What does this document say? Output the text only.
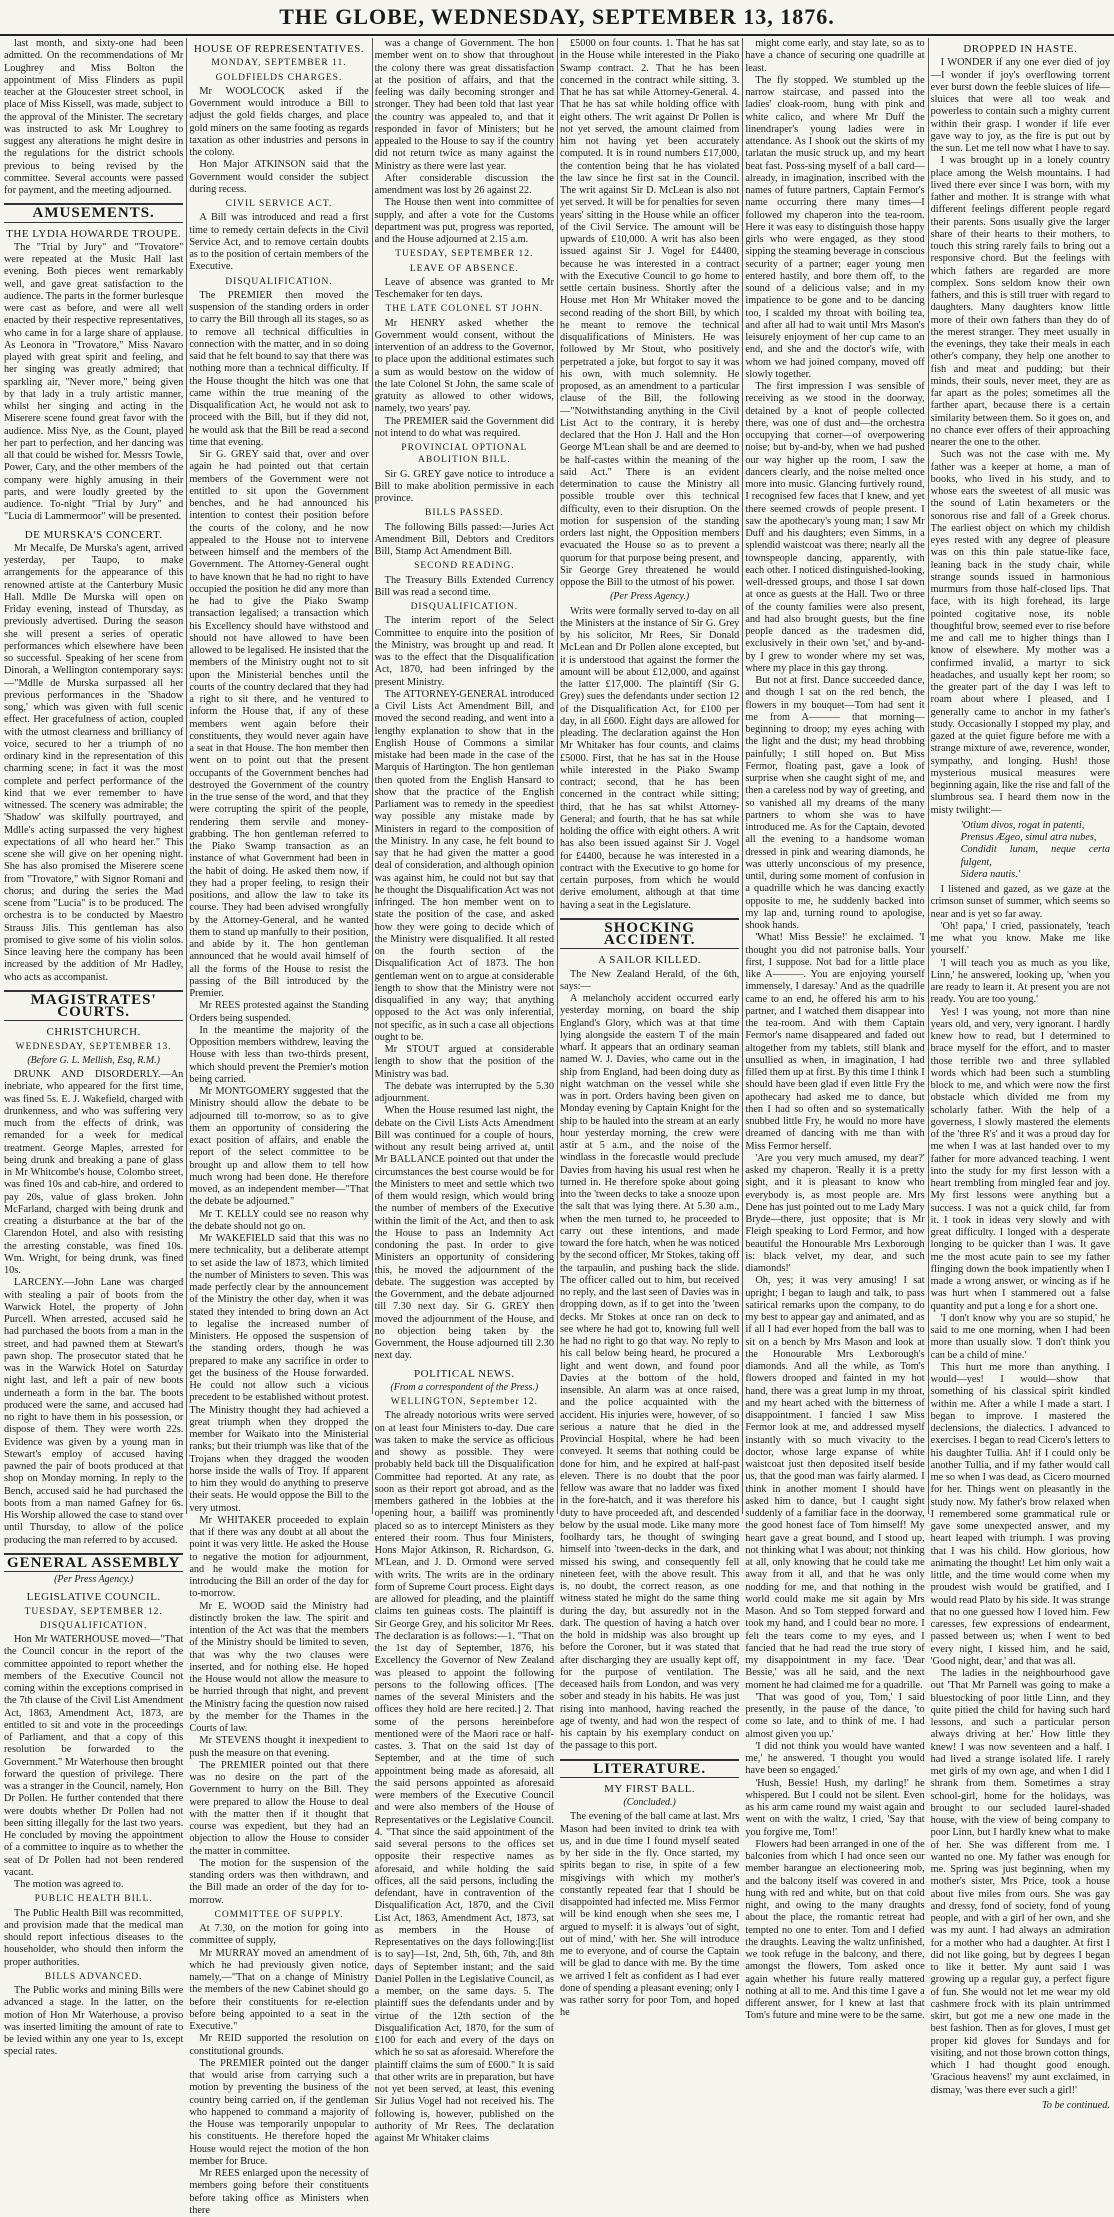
THE GLOBE, WEDNESDAY, SEPTEMBER 13, 1876.

last month, and sixty-one had been admitted. On the recommendations of Mr Loughrey and Miss Bolton the appointment of Miss Flinders as pupil teacher at the Gloucester street school, in place of Miss Kissell, was made, subject to the approval of the Minister. The secretary was instructed to ask Mr Loughrey to suggest any alterations he might desire in the regulations for the district schools previous to being revised by the committee. Several accounts were passed for payment, and the meeting adjourned.

AMUSEMENTS.
THE LYDIA HOWARDE TROUPE.

The "Trial by Jury" and "Trovatore" were repeated at the Music Hall last evening. Both pieces went remarkably well, and gave great satisfaction to the audience. The parts in the former burlesque were cast as before, and were all well enacted by their respective representatives, who came in for a large share of applause. As Leonora in "Trovatore," Miss Navaro played with great spirit and feeling, and her singing was greatly admired; that sparkling air, "Never more," being given by that lady in a truly artistic manner, whilst her singing and acting in the Miserere scene found great favor with the audience. Miss Nye, as the Count, played her part to perfection, and her dancing was all that could be wished for. Messrs Towle, Power, Cary, and the other members of the company were highly amusing in their parts, and were loudly greeted by the audience. To-night "Trial by Jury" and "Lucia di Lammermoor" will be presented.

DE MURSKA'S CONCERT.

Mr Mecalfe, De Murska's agent, arrived yesterday, per Taupo, to make arrangements for the appearance of this renowned artiste at the Canterbury Music Hall. Mdlle De Murska will open on Friday evening, instead of Thursday, as previously advertised. During the season she will present a series of operatic performances which elsewhere have been so successful. Speaking of her scene from Dinorah, a Wellington contemporary says:—"Mdlle de Murska surpassed all her previous performances in the 'Shadow song,' which was given with full scenic effect. Her gracefulness of action, coupled with the utmost clearness and brilliancy of voice, secured to her a triumph of no ordinary kind in the representation of this charming scene; in fact it was the most complete and perfect performance of the kind that we ever remember to have witnessed. The scenery was admirable; the 'Shadow' was skilfully pourtrayed, and Mdlle's acting surpassed the very highest expectations of all who heard her." This scene she will give on her opening night. She has also promised the Miserere scene from "Trovatore," with Signor Romani and chorus; and during the series the Mad scene from "Lucia" is to be produced. The orchestra is to be conducted by Maestro Strauss Jilis. This gentleman has also promised to give some of his violin solos. Since leaving here the company has been increased by the addition of Mr Hadley, who acts as accompanist.

MAGISTRATES' COURTS.
CHRISTCHURCH.
WEDNESDAY, SEPTEMBER 13.
(Before G. L. Mellish, Esq, R.M.)

DRUNK AND DISORDERLY.—An inebriate, who appeared for the first time, was fined 5s. E. J. Wakefield, charged with drunkenness, and who was suffering very much from the effects of drink, was remanded for a week for medical treatment. George Maples, arrested for being drunk and breaking a pane of glass in Mr Whitcombe's house, Colombo street, was fined 10s and cab-hire, and ordered to pay 20s, value of glass broken. John McFarland, charged with being drunk and creating a disturbance at the bar of the Clarendon Hotel, and also with resisting the arresting constable, was fined 10s. Wm. Wright, for being drunk, was fined 10s.

LARCENY.—John Lane was charged with stealing a pair of boots from the Warwick Hotel, the property of John Purcell. When arrested, accused said he had purchased the boots from a man in the street, and had pawned them at Stewart's pawn shop. The prosecutor stated that he was in the Warwick Hotel on Saturday night last, and left a pair of new boots underneath a form in the bar. The boots produced were the same, and accused had no right to have them in his possession, or dispose of them. They were worth 22s. Evidence was given by a young man in Stewart's employ of accused having pawned the pair of boots produced at that shop on Monday morning. In reply to the Bench, accused said he had purchased the boots from a man named Gafney for 6s. His Worship allowed the case to stand over until Thursday, to allow of the police producing the man referred to by accused.

GENERAL ASSEMBLY
(Per Press Agency.)
LEGISLATIVE COUNCIL.
TUESDAY, SEPTEMBER 12.
DISQUALIFICATION.

Hon Mr WATERHOUSE moved—"That the Council concur in the report of the committee appointed to report whether the members of the Executive Council not coming within the exceptions comprised in the 7th clause of the Civil List Amendment Act, 1863, Amendment Act, 1873, are entitled to sit and vote in the proceedings of Parliament, and that a copy of this resolution be forwarded to the Government." Mr Waterhouse then brought forward the question of privilege. There was a stranger in the Council, namely, Hon Dr Pollen. He further contended that there were doubts whether Dr Pollen had not been sitting illegally for the last two years. He concluded by moving the appointment of a committee to inquire as to whether the seat of Dr Pollen had not been rendered vacant.

The motion was agreed to.

PUBLIC HEALTH BILL.

The Public Health Bill was recommitted, and provision made that the medical man should report infectious diseases to the householder, who should then inform the proper authorities.

BILLS ADVANCED.

The Public works and mining Bills were advanced a stage. In the latter, on the motion of Hon Mr Waterhouse, a proviso was inserted limiting the amount of rate to be levied within any one year to 1s, except special rates.

HOUSE OF REPRESENTATIVES.
MONDAY, SEPTEMBER 11.
GOLDFIELDS CHARGES.

Mr WOOLCOCK asked if the Government would introduce a Bill to adjust the gold fields charges, and place gold miners on the same footing as regards taxation as other industries and persons in the colony.

Hon Major ATKINSON said that the Government would consider the subject during recess.

CIVIL SERVICE ACT.

A Bill was introduced and read a first time to remedy certain defects in the Civil Service Act, and to remove certain doubts as to the position of certain members of the Executive.

DISQUALIFICATION.

The PREMIER then moved the suspension of the standing orders in order to carry the Bill through all its stages, so as to remove all technical difficulties in connection with the matter, and in so doing said that he felt bound to say that there was nothing more than a technical difficulty. If the House thought the hitch was one that came within the true meaning of the Disqualification Act, he would not ask to proceed with the Bill, but if they did not, he would ask that the Bill be read a second time that evening.

Sir G. GREY said that, over and over again he had pointed out that certain members of the Government were not entitled to sit upon the Government benches, and he had announced his intention to contest their position before the courts of the colony, and he now appealed to the House not to intervene between himself and the members of the Government. The Attorney-General ought to have known that he had no right to have occupied the position he did any more than he had to give the Piako Swamp transaction legalised; a transaction which his Excellency should have withstood and should not have allowed to have been allowed to be legalised. He insisted that the members of the Ministry ought not to sit upon the Ministerial benches until the courts of the country declared that they had a right to sit there, and he ventured to inform the House that, if any of these members went again before their constituents, they would never again have a seat in that House. The hon member then went on to point out that the present occupants of the Government benches had destroyed the Government of the country in the true sense of the word, and that they were corrupting the spirit of the people, rendering them servile and money-grabbing. The hon gentleman referred to the Piako Swamp transaction as an instance of what Government had been in the habit of doing. He asked them now, if they had a proper feeling, to resign their positions, and allow the law to take its course. They had been advised wrongfully by the Attorney-General, and he wanted them to stand up manfully to their position, and abide by it. The hon gentleman announced that he would avail himself of all the forms of the House to resist the passing of the Bill introduced by the Premier.

Mr REES protested against the Standing Orders being suspended.

In the meantime the majority of the Opposition members withdrew, leaving the House with less than two-thirds present, which should prevent the Premier's motion being carried.

Mr MONTGOMERY suggested that the Ministry should allow the debate to be adjourned till to-morrow, so as to give them an opportunity of considering the exact position of affairs, and enable the report of the select committee to be brought up and allow them to tell how much wrong had been done. He therefore moved, as an independent member—"That the debate be adjourned."

Mr T. KELLY could see no reason why the debate should not go on.

Mr WAKEFIELD said that this was no mere technicality, but a deliberate attempt to set aside the law of 1873, which limited the number of Ministers to seven. This was made perfectly clear by the announcement of the Ministry the other day, when it was stated they intended to bring down an Act to legalise the increased number of Ministers. He opposed the suspension of the standing orders, though he was prepared to make any sacrifice in order to get the business of the House forwarded. He could not allow such a vicious precedent to be established without protest. The Ministry thought they had achieved a great triumph when they dropped the member for Waikato into the Ministerial ranks; but their triumph was like that of the Trojans when they dragged the wooden horse inside the walls of Troy. If apparent to him they would do anything to preserve their seats. He would oppose the Bill to the very utmost.

Mr WHITAKER proceeded to explain that if there was any doubt at all about the point it was very little. He asked the House to negative the motion for adjournment, and he would make the motion for introducing the Bill an order of the day for to-morrow.

Mr E. WOOD said the Ministry had distinctly broken the law. The spirit and intention of the Act was that the members of the Ministry should be limited to seven, that was why the two clauses were inserted, and for nothing else. He hoped the House would not allow the measure to be hurried through that night, and prevent the Ministry facing the question now raised by the member for the Thames in the Courts of law.

Mr STEVENS thought it inexpedient to push the measure on that evening.

The PREMIER pointed out that there was no desire on the part of the Government to hurry on the Bill. They were prepared to allow the House to deal with the matter then if it thought that course was expedient, but they had an objection to allow the House to consider the matter in committee.

The motion for the suspension of the standing orders was then withdrawn, and the Bill made an order of the day for to-morrow.

COMMITTEE OF SUPPLY.

At 7.30, on the motion for going into committee of supply,

Mr MURRAY moved an amendment of which he had previously given notice, namely,—"That on a change of Ministry the members of the new Cabinet should go before their constituents for re-election before being appointed to a seat in the Executive."

Mr REID supported the resolution on constitutional grounds.

The PREMIER pointed out the danger that would arise from carrying such a motion by preventing the business of the country being carried on, if the gentleman who happened to command a majority of the House was temporarily unpopular to his constituents. He therefore hoped the House would reject the motion of the hon member for Bruce.

Mr REES enlarged upon the necessity of members going before their constituents before taking office as Ministers when there

was a change of Government. The hon member went on to show that throughout the colony there was great dissatisfaction at the position of affairs, and that the feeling was daily becoming stronger and stronger. They had been told that last year the country was appealed to, and that it responded in favor of Ministers; but he appealed to the House to say if the country did not return twice as many against the Ministry as there were last year.

After considerable discussion the amendment was lost by 26 against 22.

The House then went into committee of supply, and after a vote for the Customs department was put, progress was reported, and the House adjourned at 2.15 a.m.

TUESDAY, SEPTEMBER 12.
LEAVE OF ABSENCE.

Leave of absence was granted to Mr Teschemaker for ten days.

THE LATE COLONEL ST JOHN.

Mr HENRY asked whether the Government would consent, without the intervention of an address to the Governor, to place upon the additional estimates such a sum as would bestow on the widow of the late Colonel St John, the same scale of gratuity as allowed to other widows, namely, two years' pay.

The PREMIER said the Government did not intend to do what was required.

PROVINCIAL OPTIONAL ABOLITION BILL.

Sir G. GREY gave notice to introduce a Bill to make abolition permissive in each province.

BILLS PASSED.

The following Bills passed:—Juries Act Amendment Bill, Debtors and Creditors Bill, Stamp Act Amendment Bill.

SECOND READING.

The Treasury Bills Extended Currency Bill was read a second time.

DISQUALIFICATION.

The interim report of the Select Committee to enquire into the position of the Ministry, was brought up and read. It was to the effect that the Disqualification Act, 1870, had been infringed by the present Ministry.

The ATTORNEY-GENERAL introduced a Civil Lists Act Amendment Bill, and moved the second reading, and went into a lengthy explanation to show that in the English House of Commons a similar mistake had been made in the case of the Marquis of Hartington. The hon gentleman then quoted from the English Hansard to show that the practice of the English Parliament was to remedy in the speediest way possible any mistake made by Ministers in regard to the composition of the Ministry. In any case, he felt bound to say that he had given the matter a good deal of consideration, and although opinion was against him, he could not but say that he thought the Disqualification Act was not infringed. The hon member went on to state the position of the case, and asked how they were going to decide which of the Ministry were disqualified. It all rested on the fourth section of the Disqualification Act of 1873. The hon gentleman went on to argue at considerable length to show that the Ministry were not disqualified in any way; that anything opposed to the Act was only inferential, not specific, as in such a case all objections ought to be.

Mr STOUT argued at considerable length to show that the position of the Ministry was bad.

The debate was interrupted by the 5.30 adjournment.

When the House resumed last night, the debate on the Civil Lists Acts Amendment Bill was continued for a couple of hours, without any result being arrived at, until Mr BALLANCE pointed out that under the circumstances the best course would be for the Ministers to meet and settle which two of them would resign, which would bring the number of members of the Executive within the limit of the Act, and then to ask the House to pass an Indemnity Act condoning the past. In order to give Ministers an opportunity of considering this, he moved the adjournment of the debate. The suggestion was accepted by the Government, and the debate adjourned till 7.30 next day. Sir G. GREY then moved the adjournment of the House, and no objection being taken by the Government, the House adjourned till 2.30 next day.

POLITICAL NEWS.
(From a correspondent of the Press.)
WELLINGTON, September 12.

The already notorious writs were served on at least four Ministers to-day. Due care was taken to make the service as officious and showy as possible. They were probably held back till the Disqualification Committee had reported. At any rate, as soon as their report got abroad, and as the members gathered in the lobbies at the opening hour, a bailiff was prominently placed so as to intercept Ministers as they entered their room. Thus four Ministers, Hons Major Atkinson, R. Richardson, G. M'Lean, and J. D. Ormond were served with writs. The writs are in the ordinary form of Supreme Court process. Eight days are allowed for pleading, and the plaintiff claims ten guineas costs. The plaintiff is Sir George Grey, and his solicitor Mr Rees. The declaration is as follows:—1. "That on the 1st day of September, 1876, his Excellency the Governor of New Zealand was pleased to appoint the following persons to the following offices. [The names of the several Ministers and the offices they hold are here recited.] 2. That some of the persons hereinbefore mentioned were of the Maori race or half-castes. 3. That on the said 1st day of September, and at the time of such appointment being made as aforesaid, all the said persons appointed as aforesaid were members of the Executive Council and were also members of the House of Representatives or the Legislative Council. 4. "That since the said appointment of the said several persons to the offices set opposite their respective names as aforesaid, and while holding the said offices, all the said persons, including the defendant, have in contravention of the Disqualification Act, 1870, and the Civil List Act, 1863, Amendment Act, 1873, sat as members in the House of Representatives on the days following:[list is to say]—1st, 2nd, 5th, 6th, 7th, and 8th days of September instant; and the said Daniel Pollen in the Legislative Council, as a member, on the same days. 5. The plaintiff sues the defendants under and by virtue of the 12th section of the Disqualification Act, 1870, for the sum of £100 for each and every of the days on which he so sat as aforesaid. Wherefore the plaintiff claims the sum of £600." It is said that other writs are in preparation, but have not yet been served, at least, this evening Sir Julius Vogel had not received his. The following is, however, published on the authority of Mr Rees. The declaration against Mr Whitaker claims

£5000 on four counts. 1. That he has sat in the House while interested in the Piako Swamp contract. 2. That he has been concerned in the contract while sitting. 3. That he has sat while Attorney-General. 4. That he has sat while holding office with eight others. The writ against Dr Pollen is not yet served, the amount claimed from him not having yet been accurately computed. It is in round numbers £17,000, the contention being that he has violated the law since he first sat in the Council. The writ against Sir D. McLean is also not yet served. It will be for penalties for seven years' sitting in the House while an officer of the Civil Service. The amount will be upwards of £10,000. A writ has also been issued against Sir J. Vogel for £4400, because he was interested in a contract with the Executive Council to go home to settle certain business. Shortly after the House met Hon Mr Whitaker moved the second reading of the short Bill, by which he meant to remove the technical disqualifications of Ministers. He was followed by Mr Stout, who positively perpetrated a joke, but forgot to say it was his own, with much solemnity. He proposed, as an amendment to a particular clause of the Bill, the following—"Notwithstanding anything in the Civil List Act to the contrary, it is hereby declared that the Hon J. Hall and the Hon George M'Lean shall be and are deemed to be half-castes within the meaning of the said Act." There is an evident determination to cause the Ministry all possible trouble over this technical difficulty, even to their disruption. On the motion for suspension of the standing orders last night, the Opposition members evacuated the House so as to prevent a quorum for that purpose being present, and Sir George Grey threatened he would oppose the Bill to the utmost of his power.

(Per Press Agency.)

Writs were formally served to-day on all the Ministers at the instance of Sir G. Grey by his solicitor, Mr Rees, Sir Donald McLean and Dr Pollen alone excepted, but it is understood that against the former the amount will be about £12,000, and against the latter £17,000. The plaintiff (Sir G. Grey) sues the defendants under section 12 of the Disqualification Act, for £100 per day, in all £600. Eight days are allowed for pleading. The declaration against the Hon Mr Whitaker has four counts, and claims £5000. First, that he has sat in the House while interested in the Piako Swamp contract; second, that he has been concerned in the contract while sitting; third, that he has sat whilst Attorney-General; and fourth, that he has sat while holding the office with eight others. A writ has also been issued against Sir J. Vogel for £4400, because he was interested in a contract with the Executive to go home for certain purposes, from which he would derive emolument, although at that time having a seat in the Legislature.

SHOCKING ACCIDENT.
A SAILOR KILLED.

The New Zealand Herald, of the 6th, says:—

A melancholy accident occurred early yesterday morning, on board the ship England's Glory, which was at that time lying alongside the eastern T of the main wharf. It appears that an ordinary seaman named W. J. Davies, who came out in the ship from England, had been doing duty as night watchman on the vessel while she was in port. Orders having been given on Monday evening by Captain Knight for the ship to be hauled into the stream at an early hour yesterday morning, the crew were astir at 5 a.m., and the noise of the windlass in the forecastle would preclude Davies from having his usual rest when he turned in. He therefore spoke about going into the 'tween decks to take a snooze upon the salt that was lying there. At 5.30 a.m., when the men turned to, he proceeded to carry out these intentions, and made toward the fore hatch, when he was noticed by the second officer, Mr Stokes, taking off the tarpaulin, and pushing back the slide. The officer called out to him, but received no reply, and the last seen of Davies was in dropping down, as if to get into the 'tween decks. Mr Stokes at once ran on deck to see where he had got to, knowing full well he had no right to go that way. No reply to his call below being heard, he procured a light and went down, and found poor Davies at the bottom of the hold, insensible. An alarm was at once raised, and the police acquainted with the accident. His injuries were, however, of so serious a nature that he died in the Provincial Hospital, where he had been conveyed. It seems that nothing could be done for him, and he expired at half-past eleven. There is no doubt that the poor fellow was aware that no ladder was fixed in the fore-hatch, and it was therefore his duty to have proceeded aft, and descended below by the usual mode. Like many more foolhardy tars, he thought of swinging himself into 'tween-decks in the dark, and missed his swing, and consequently fell nineteen feet, with the above result. This is, no doubt, the correct reason, as one witness stated he might do the same thing during the day, but assuredly not in the dark. The question of having a hatch over the hold in midship was also brought up before the Coroner, but it was stated that after discharging they are usually kept off, for the purpose of ventilation. The deceased hails from London, and was very sober and steady in his habits. He was just rising into manhood, having reached the age of twenty, and had won the respect of his captain by his exemplary conduct on the passage to this port.

LITERATURE.
MY FIRST BALL.
(Concluded.)

The evening of the ball came at last. Mrs Mason had been invited to drink tea with us, and in due time I found myself seated by her side in the fly. Once started, my spirits began to rise, in spite of a few misgivings with which my mother's constantly repeated fear that I should be disappointed had infected me. Miss Fermor will be kind enough when she sees me, I argued to myself: it is always 'out of sight, out of mind,' with her. She will introduce me to everyone, and of course the Captain will be glad to dance with me. By the time we arrived I felt as confident as I had ever done of spending a pleasant evening; only I was rather sorry for poor Tom, and hoped he

might come early, and stay late, so as to have a chance of securing one quadrille at least.

The fly stopped. We stumbled up the narrow staircase, and passed into the ladies' cloak-room, hung with pink and white calico, and where Mr Duff the linendraper's young ladies were in attendance. As I shook out the skirts of my tarlatan the music struck up, and my heart beat fast. Poss-sing myself of a ball card—already, in imagination, inscribed with the names of future partners, Captain Fermor's name occurring there many times—I followed my chaperon into the tea-room. Here it was easy to distinguish those happy girls who were engaged, as they stood sipping the steaming beverage in conscious security of a partner; eager young men entered hastily, and bore them off, to the sound of a delicious valse; and in my impatience to be gone and to be dancing too, I scalded my throat with boiling tea, and after all had to wait until Mrs Mason's leisurely enjoyment of her cup came to an end, and she and the doctor's wife, with whom we had joined company, moved off slowly together.

The first impression I was sensible of receiving as we stood in the doorway, detained by a knot of people collected there, was one of dust and—the orchestra occupying that corner—of overpowering noise; but by-and-by, when we had pushed our way higher up the room, I saw the dancers clearly, and the noise melted once more into music. Glancing furtively round, I recognised few faces that I knew, and yet there seemed crowds of people present. I saw the apothecary's young man; I saw Mr Duff and his daughters; even Simms, in a splendid waistcoat was there; nearly all the townspeople dancing, apparently, with each other. I noticed distinguished-looking, well-dressed groups, and those I sat down at once as guests at the Hall. Two or three of the county families were also present, and had also brought guests, but the fine people danced as the tradesmen did, exclusively in their own 'set,' and by-and-by I grew to wonder where my set was, where my place in this gay throng.

But not at first. Dance succeeded dance, and though I sat on the red bench, the flowers in my bouquet—Tom had sent it me from A——— that morning—beginning to droop; my eyes aching with the light and the dust; my head throbbing painfully; I still hoped on. But Miss Fermor, floating past, gave a look of surprise when she caught sight of me, and then a careless nod by way of greeting, and so vanished all my dreams of the many partners to whom she was to have introduced me. As for the Captain, devoted all the evening to a handsome woman dressed in pink and wearing diamonds, he was utterly unconscious of my presence, until, during some moment of confusion in a quadrille which he was dancing exactly opposite to me, he suddenly backed into my lap and, turning round to apologise, shook hands.

'What! Miss Bessie!' he exclaimed. 'I thought you did not patronise balls. Your first, I suppose. Not bad for a little place like A———. You are enjoying yourself immensely, I daresay.' And as the quadrille came to an end, he offered his arm to his partner, and I watched them disappear into the tea-room. And with them Captain Fermor's name disappeared and faded out altogether from my tablets, still blank and unsullied as when, in imagination, I had filled them up at first. By this time I think I should have been glad if even little Fry the apothecary had asked me to dance, but then I had so often and so systematically snubbed little Fry, he would no more have dreamed of dancing with me than with Miss Fermor herself.

'Are you very much amused, my dear?' asked my chaperon. 'Really it is a pretty sight, and it is pleasant to know who everybody is, as most people are. Mrs Dene has just pointed out to me Lady Mary Bryde—there, just opposite; that is Mr Fleigh speaking to Lord Fermor, and how beautiful the Honourable Mrs Lexborough is: black velvet, my dear, and such diamonds!'

Oh, yes; it was very amusing! I sat upright; I began to laugh and talk, to pass satirical remarks upon the company, to do my best to appear gay and animated, and as if all I had ever hoped from the ball was to sit on a bench by Mrs Mason and look at the Honourable Mrs Lexborough's diamonds. And all the while, as Tom's flowers drooped and fainted in my hot hand, there was a great lump in my throat, and my heart ached with the bitterness of disappointment. I fancied I saw Miss Fermor look at me, and addressed myself instantly with so much vivacity to the doctor, whose large expanse of white waistcoat just then deposited itself beside us, that the good man was fairly alarmed. I think in another moment I should have asked him to dance, but I caught sight suddenly of a familiar face in the doorway, the good honest face of Tom himself! My heart gave a great bound, and I stood up, not thinking what I was about; not thinking at all, only knowing that he could take me away from it all, and that he was only nodding for me, and that nothing in the world could make me sit again by Mrs Mason. And so Tom stepped forward and took my hand, and I could bear no more. I felt the tears come to my eyes, and I fancied that he had read the true story of my disappointment in my face. 'Dear Bessie,' was all he said, and the next moment he had claimed me for a quadrille.

'That was good of you, Tom,' I said presently, in the pause of the dance, 'to come so late, and to think of me. I had almost given you up.'

'I did not think you would have wanted me,' he answered. 'I thought you would have been so engaged.'

'Hush, Bessie! Hush, my darling!' he whispered. But I could not be silent. Even as his arm came round my waist again and went on with the waltz, I cried, 'Say that you forgive me, Tom!'

Flowers had been arranged in one of the balconies from which I had once seen our member harangue an electioneering mob, and the balcony itself was covered in and hung with red and white, but on that cold night, and owing to the many draughts about the place, the romantic retreat had tempted no one to enter. Tom and I defied the draughts. Leaving the waltz unfinished, we took refuge in the balcony, and there, amongst the flowers, Tom asked once again whether his future really mattered nothing at all to me. And this time I gave a different answer, for I knew at last that Tom's future and mine were to be the same.

DROPPED IN HASTE.

I WONDER if any one ever died of joy—I wonder if joy's overflowing torrent ever burst down the feeble sluices of life—sluices that were all too weak and powerless to contain such a mighty current within their grasp. I wonder if life ever gave way to joy, as the fire is put out by the sun. Let me tell now what I have to say.

I was brought up in a lonely country place among the Welsh mountains. I had lived there ever since I was born, with my father and mother. It is strange with what different feelings different people regard their parents. Sons usually give the larger share of their hearts to their mothers, to touch this string rarely fails to bring out a responsive chord. But the feelings with which fathers are regarded are more complex. Sons seldom know their own fathers, and this is still truer with regard to daughters. Many daughters know little more of their own fathers than they do of the merest stranger. They meet usually in the evenings, they take their meals in each other's company, they help one another to fish and meat and pudding; but their minds, their souls, never meet, they are as far apart as the poles; sometimes all the farther apart, because there is a certain similarity between them. So it goes on, and no chance ever offers of their approaching nearer the one to the other.

Such was not the case with me. My father was a keeper at home, a man of books, who lived in his study, and to whose ears the sweetest of all music was the sound of Latin hexameters or the sonorous rise and fall of a Greek chorus. The earliest object on which my childish eyes rested with any degree of pleasure was on this thin pale statue-like face, leaning back in the study chair, while strange sounds issued in harmonious murmurs from those half-closed lips. That face, with its high forehead, its large pointed cogitative nose, its noble thoughtful brow, seemed ever to rise before me and call me to higher things than I know of elsewhere. My mother was a confirmed invalid, a martyr to sick headaches, and usually kept her room; so the greater part of the day I was left to roam about where I pleased, and I generally came to anchor in my father's study. Occasionally I stopped my play, and gazed at the quiet figure before me with a strange mixture of awe, reverence, wonder, sympathy, and longing. Hush! those mysterious musical measures were beginning again, like the rise and fall of the slumbrous sea. I heard them now in the misty twilight:—

'Otium divos, rogat in patenti,
Prensus Ægeo, simul atra nubes,
Condidit lunam, neque certa fulgent,
Sidera nautis.'

I listened and gazed, as we gaze at the crimson sunset of summer, which seems so near and is yet so far away.

'Oh! papa,' I cried, passionately, 'teach me what you know. Make me like yourself.'

'I will teach you as much as you like, Linn,' he answered, looking up, 'when you are ready to learn it. At present you are not ready. You are too young.'

Yes! I was young, not more than nine years old, and very, very ignorant. I hardly knew how to read, but I determined to brace myself for the effort, and to master those terrible two and three syllabled words which had been such a stumbling block to me, and which were now the first obstacle which divided me from my scholarly father. With the help of a governess, I slowly mastered the elements of the 'three R's' and it was a proud day for me when I was at last handed over to my father for more advanced teaching. I went into the study for my first lesson with a heart trembling from mingled fear and joy. My first lessons were anything but a success. I was not a quick child, far from it. I took in ideas very slowly and with great difficulty. I longed with a desperate longing to be quicker than I was. It gave me the most acute pain to see my father flinging down the book impatiently when I made a wrong answer, or wincing as if he was hurt when I stammered out a false quantity and put a long e for a short one.

'I don't know why you are so stupid,' he said to me one morning, when I had been more than usually slow. 'I don't think you can be a child of mine.'

This hurt me more than anything. I would—yes! I would—show that something of his classical spirit kindled within me. After a while I made a start. I began to improve. I mastered the declensions, the dialectics. I advanced to exercises. I began to read Cicero's letters to his daughter Tullia. Ah! if I could only be another Tullia, and if my father would call me so when I was dead, as Cicero mourned for her. Things went on pleasantly in the study now. My father's brow relaxed when I remembered some grammatical rule or gave some unexpected answer, and my heart leaped with triumph. I was proving that I was his child. How glorious, how animating the thought! Let him only wait a little, and the time would come when my proudest wish would be gratified, and I would read Plato by his side. It was strange that no one guessed how I loved him. Few caresses, few expressions of endearment, passed between us; when I went to bed every night, I kissed him, and he said, 'Good night, dear,' and that was all.

The ladies in the neighbourhood gave out 'That Mr Parnell was going to make a bluestocking of poor little Linn, and they quite pitied the child for having such hard lessons, and such a particular person always driving at her.' How little they knew! I was now seventeen and a half. I had lived a strange isolated life. I rarely met girls of my own age, and when I did I shrank from them. Sometimes a stray school-girl, home for the holidays, was brought to our secluded laurel-shaded house, with the view of being company to poor Linn, but I hardly knew what to make of her. She was different from me. I wanted no one. My father was enough for me. Spring was just beginning, when my mother's sister, Mrs Price, took a house about five miles from ours. She was gay and dressy, fond of society, fond of young people, and with a girl of her own, and she was my aunt. I had always an admiration for a mother who had a daughter. At first I did not like going, but by degrees I began to like it better. My aunt said I was growing up a regular guy, a perfect figure of fun. She would not let me wear my old cashmere frock with its plain untrimmed skirt, but got me a new one made in the best fashion. Then as for gloves, I must get proper kid gloves for Sundays and for visiting, and not those brown cotton things, which I had thought good enough. 'Gracious heavens!' my aunt exclaimed, in dismay, 'was there ever such a girl!'

To be continued.
